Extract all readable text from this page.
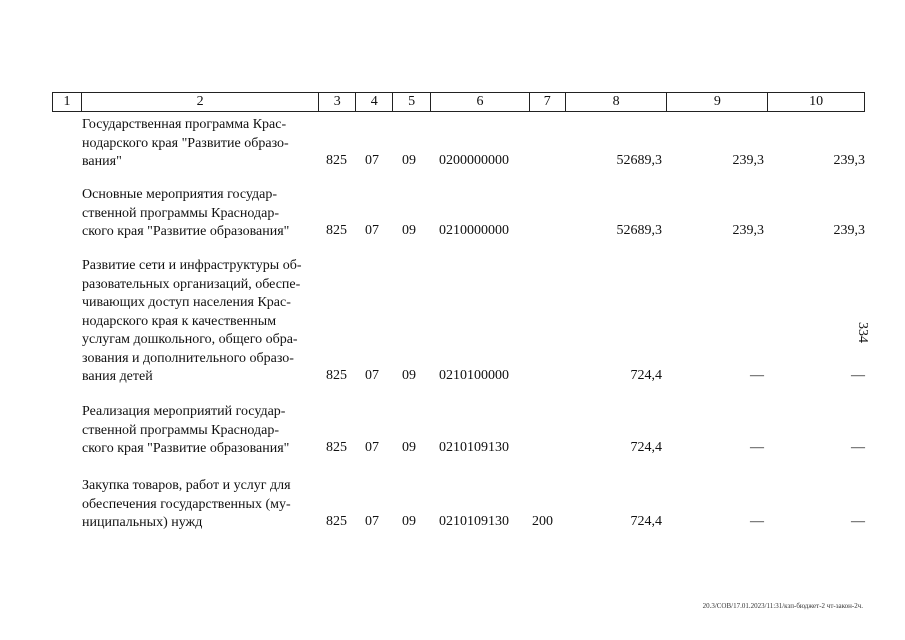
1	2	3	4	5	6	7	8	9	10
Государственная программа Крас-
нодарского края "Развитие образо-
вания"	825 07 09 0200000000	52689,3	239,3	239,3
Основные мероприятия государ-
ственной программы Краснодар-
ского края "Развитие образования"	825 07 09 0210000000	52689,3	239,3	239,3
Развитие сети и инфраструктуры об-
разовательных организаций, обеспе-
чивающих доступ населения Крас-
нодарского края к качественным
услугам дошкольного, общего обра-
зования и дополнительного образо-
вания детей	825 07 09 0210100000	724,4	—	—
Реализация мероприятий государ-
ственной программы Краснодар-
ского края "Развитие образования"	825 07 09 0210109130	724,4	—	—
Закупка товаров, работ и услуг для
обеспечения государственных (му-
ниципальных) нужд	825 07 09 0210109130 200	724,4	—	—
334
20.3/СОВ/17.01.2023/11:31/кзп-бюджет-2 чт-закон-2ч.
